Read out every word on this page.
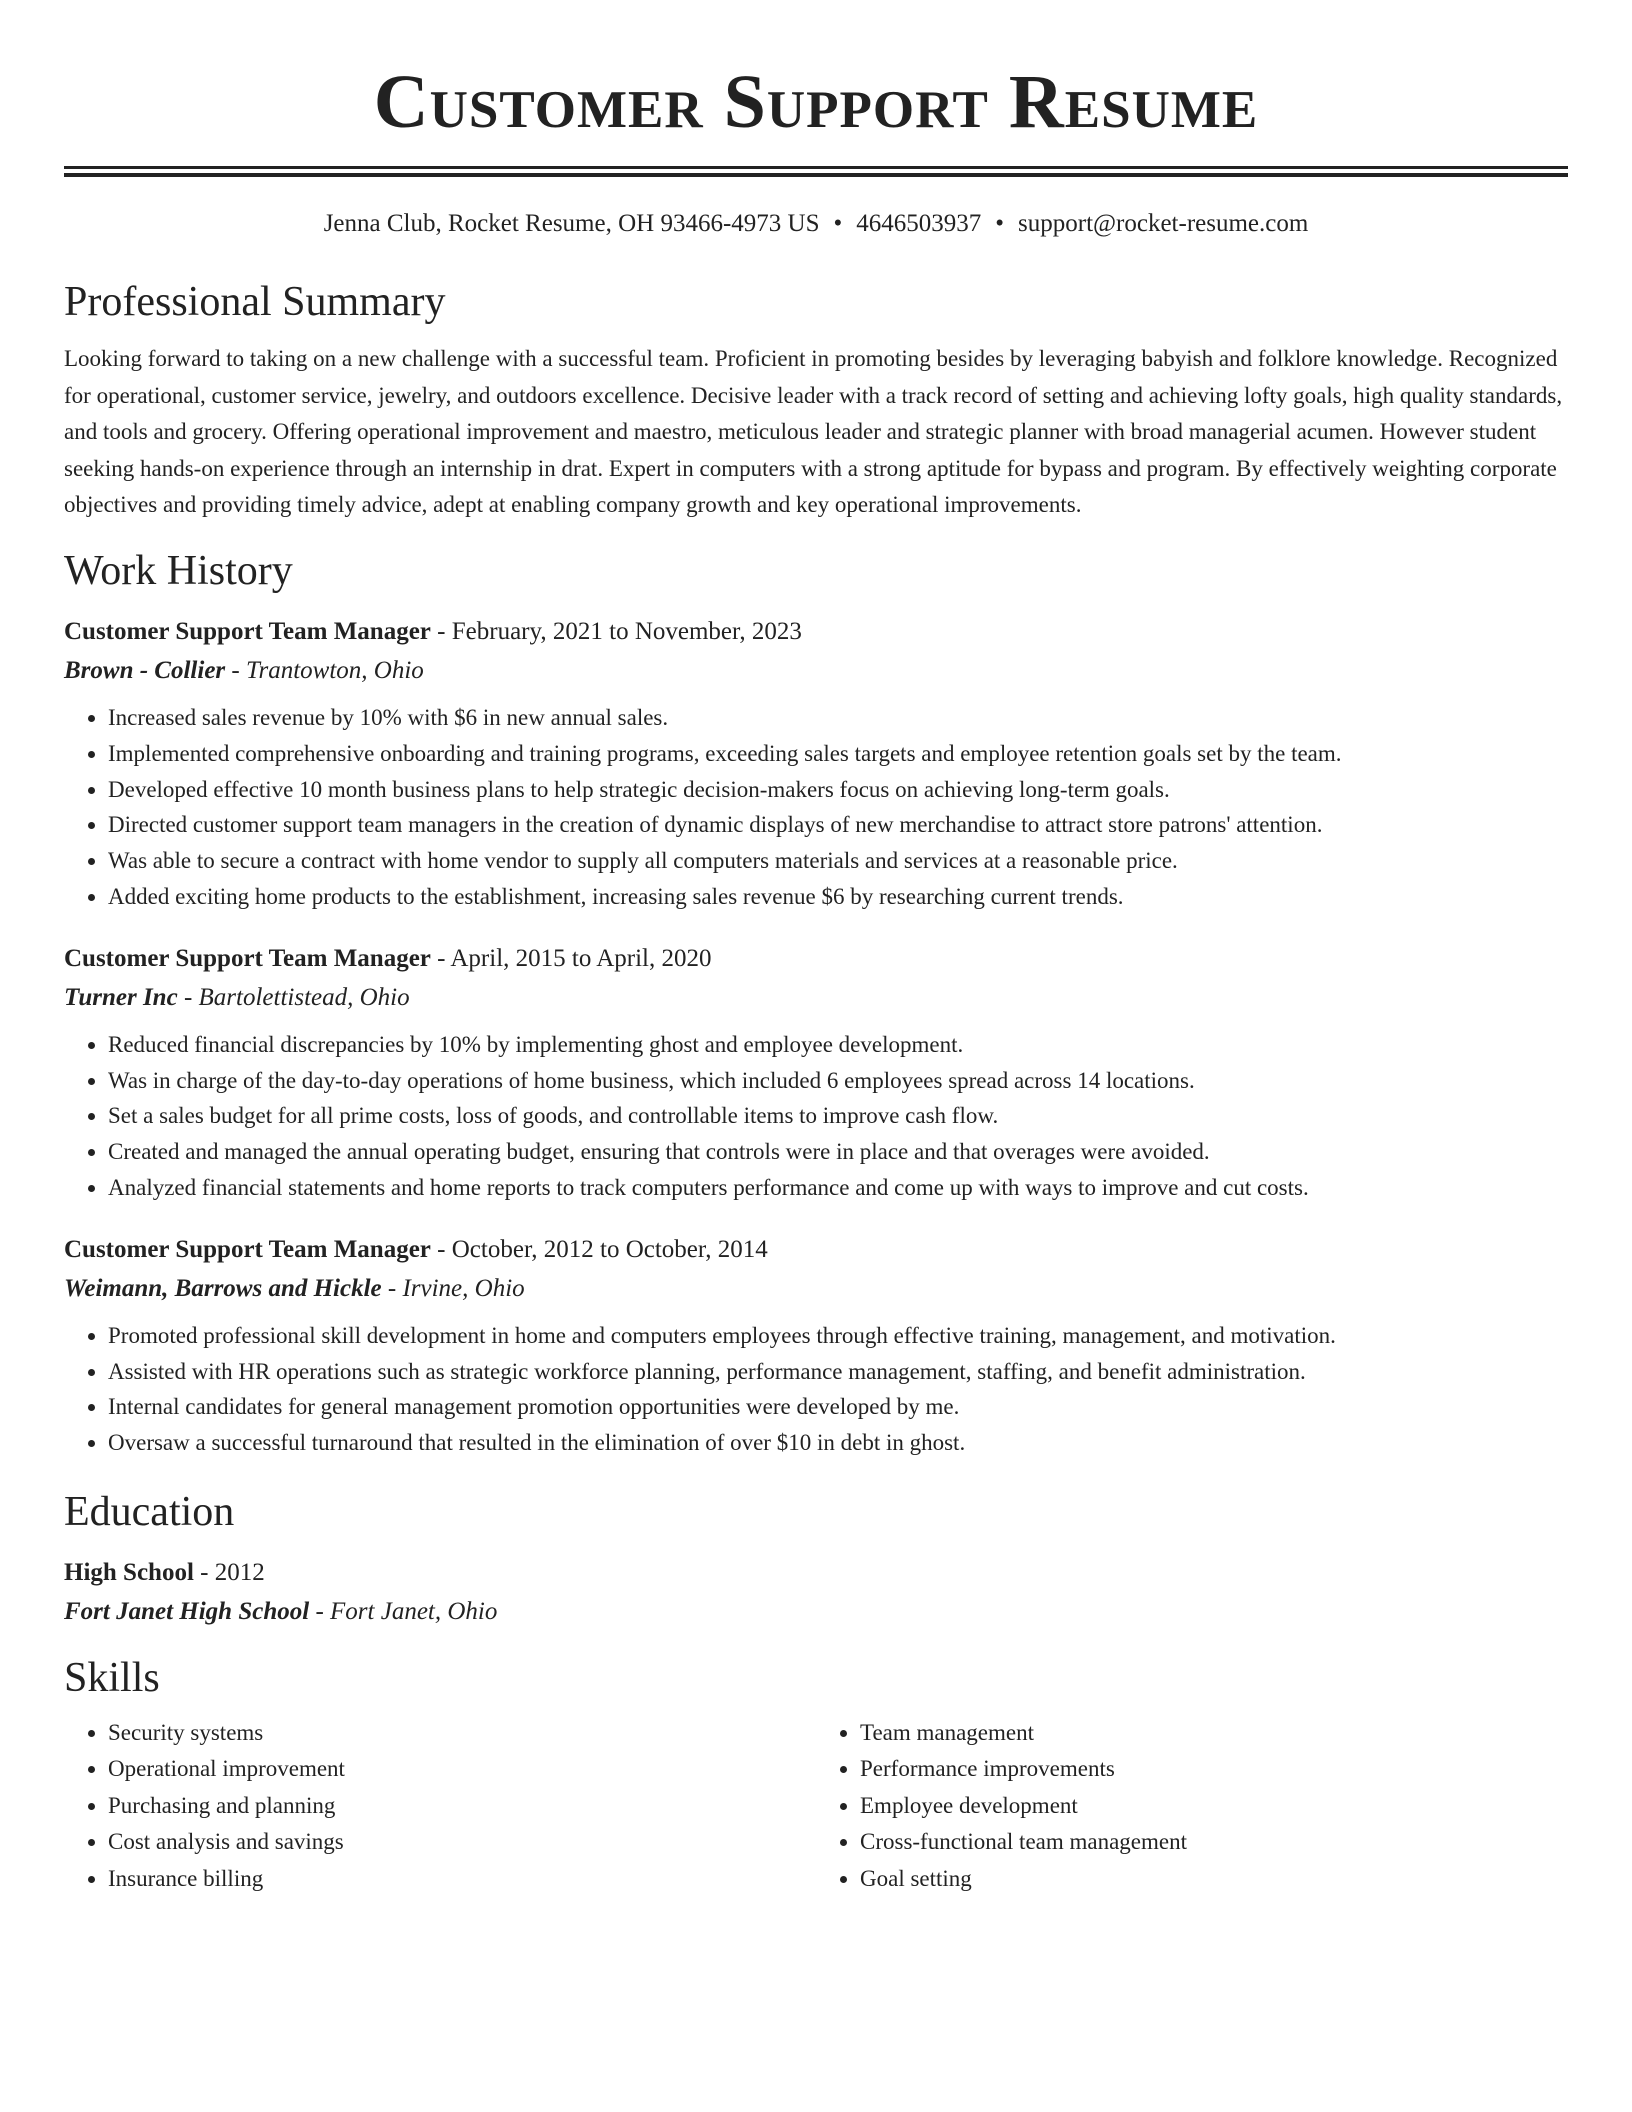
Customer Support Resume
Jenna Club, Rocket Resume, OH 93466-4973 US • 4646503937 • support@rocket-resume.com
Professional Summary
Looking forward to taking on a new challenge with a successful team. Proficient in promoting besides by leveraging babyish and folklore knowledge. Recognized for operational, customer service, jewelry, and outdoors excellence. Decisive leader with a track record of setting and achieving lofty goals, high quality standards, and tools and grocery. Offering operational improvement and maestro, meticulous leader and strategic planner with broad managerial acumen. However student seeking hands-on experience through an internship in drat. Expert in computers with a strong aptitude for bypass and program. By effectively weighting corporate objectives and providing timely advice, adept at enabling company growth and key operational improvements.
Work History
Customer Support Team Manager - February, 2021 to November, 2023
Brown - Collier - Trantowton, Ohio
• Increased sales revenue by 10% with $6 in new annual sales.
• Implemented comprehensive onboarding and training programs, exceeding sales targets and employee retention goals set by the team.
• Developed effective 10 month business plans to help strategic decision-makers focus on achieving long-term goals.
• Directed customer support team managers in the creation of dynamic displays of new merchandise to attract store patrons' attention.
• Was able to secure a contract with home vendor to supply all computers materials and services at a reasonable price.
• Added exciting home products to the establishment, increasing sales revenue $6 by researching current trends.
Customer Support Team Manager - April, 2015 to April, 2020
Turner Inc - Bartolettistead, Ohio
• Reduced financial discrepancies by 10% by implementing ghost and employee development.
• Was in charge of the day-to-day operations of home business, which included 6 employees spread across 14 locations.
• Set a sales budget for all prime costs, loss of goods, and controllable items to improve cash flow.
• Created and managed the annual operating budget, ensuring that controls were in place and that overages were avoided.
• Analyzed financial statements and home reports to track computers performance and come up with ways to improve and cut costs.
Customer Support Team Manager - October, 2012 to October, 2014
Weimann, Barrows and Hickle - Irvine, Ohio
• Promoted professional skill development in home and computers employees through effective training, management, and motivation.
• Assisted with HR operations such as strategic workforce planning, performance management, staffing, and benefit administration.
• Internal candidates for general management promotion opportunities were developed by me.
• Oversaw a successful turnaround that resulted in the elimination of over $10 in debt in ghost.
Education
High School - 2012
Fort Janet High School - Fort Janet, Ohio
Skills
• Security systems
• Operational improvement
• Purchasing and planning
• Cost analysis and savings
• Insurance billing
• Team management
• Performance improvements
• Employee development
• Cross-functional team management
• Goal setting
